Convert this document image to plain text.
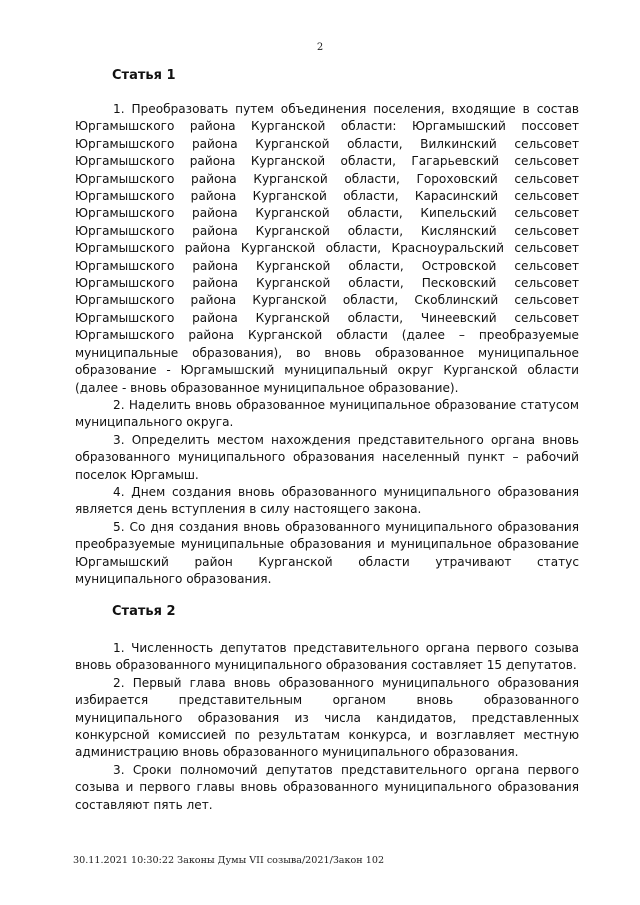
2
Статья 1

1. Преобразовать путем объединения поселения, входящие в состав Юргамышского района Курганской области: Юргамышский поссовет Юргамышского района Курганской области, Вилкинский сельсовет Юргамышского района Курганской области, Гагарьевский сельсовет Юргамышского района Курганской области, Гороховский сельсовет Юргамышского района Курганской области, Карасинский сельсовет Юргамышского района Курганской области, Кипельский сельсовет Юргамышского района Курганской области, Кислянский сельсовет Юргамышского района Курганской области, Красноуральский сельсовет Юргамышского района Курганской области, Островской сельсовет Юргамышского района Курганской области, Песковский сельсовет Юргамышского района Курганской области, Скоблинский сельсовет Юргамышского района Курганской области, Чинеевский сельсовет Юргамышского района Курганской области (далее – преобразуемые муниципальные образования), во вновь образованное муниципальное образование - Юргамышский муниципальный округ Курганской области (далее - вновь образованное муниципальное образование).

2. Наделить вновь образованное муниципальное образование статусом муниципального округа.

3. Определить местом нахождения представительного органа вновь образованного муниципального образования населенный пункт – рабочий поселок Юргамыш.

4. Днем создания вновь образованного муниципального образования является день вступления в силу настоящего закона.

5. Со дня создания вновь образованного муниципального образования преобразуемые муниципальные образования и муниципальное образование Юргамышский район Курганской области утрачивают статус муниципального образования.

Статья 2

1. Численность депутатов представительного органа первого созыва вновь образованного муниципального образования составляет 15 депутатов.

2. Первый глава вновь образованного муниципального образования избирается представительным органом вновь образованного муниципального образования из числа кандидатов, представленных конкурсной комиссией по результатам конкурса, и возглавляет местную администрацию вновь образованного муниципального образования.

3. Сроки полномочий депутатов представительного органа первого созыва и первого главы вновь образованного муниципального образования составляют пять лет.

30.11.2021 10:30:22 Законы Думы VII созыва/2021/Закон 102
